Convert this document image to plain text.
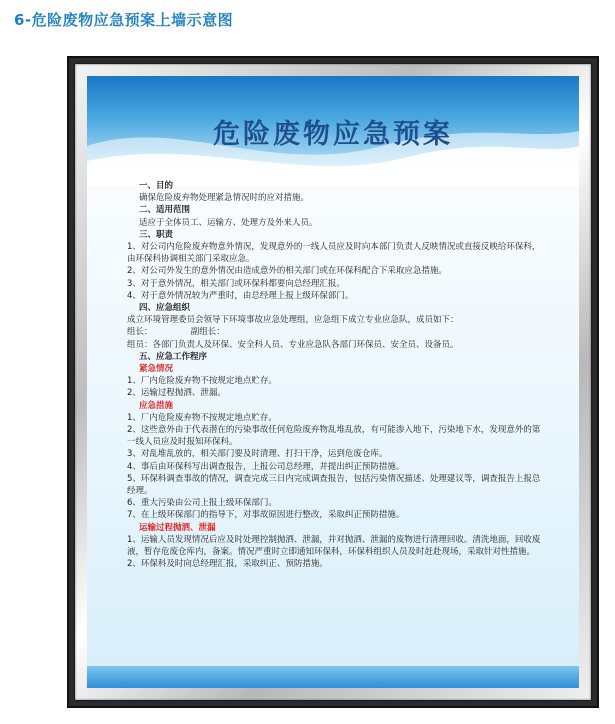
6-危险废物应急预案上墙示意图
危险废物应急预案
一、目的
确保危险废弃物处理紧急情况时的应对措施。
二、适用范围
适应于全体员工、运输方、处理方及外来人员。
三、职责
1、对公司内危险废弃物意外情况，发现意外的一线人员应及时向本部门负责人反映情况或直接反映给环保科，由环保科协调相关部门采取应急。
2、对公司外发生的意外情况由造成意外的相关部门或在环保科配合下采取应急措施。
3、对于意外情况，相关部门或环保科都要向总经理汇报。
4、对于意外情况较为严重时，由总经理上报上级环保部门。
四、应急组织
成立环境管理委员会领导下环境事故应急处理组，应急组下成立专业应急队，成员如下：
组长：　　　　　副组长：
组员：各部门负责人及环保、安全科人员、专业应急队各部门环保员、安全员、设备员。
五、应急工作程序
紧急情况
1、厂内危险废弃物不按规定地点贮存。
2、运输过程抛洒、泄漏。
应急措施
1、厂内危险废弃物不按规定地点贮存。
2、这些意外由于代表潜在的污染事故任何危险废弃物乱堆乱放，有可能渗入地下，污染地下水，发现意外的第一线人员应及时报知环保科。
3、对乱堆乱放的，相关部门要及时清理、打扫干净，运到危废仓库。
4、事后由环保科写出调查报告，上报公司总经理，并提出纠正预防措施。
5、环保科调查事故的情况，调查完成三日内完成调查报告，包括污染情况描述、处理建议等，调查报告上报总经理。
6、重大污染由公司上报上级环保部门。
7、在上级环保部门的指导下，对事故原因进行整改，采取纠正预防措施。
运输过程抛洒、泄漏
1、运输人员发现情况后应及时处理控制抛洒、泄漏，并对抛洒、泄漏的废物进行清理回收。清洗地面，回收废液，暂存危废仓库内，备案。情况严重时立即通知环保科，环保科组织人员及时赶赴现场，采取针对性措施。
2、环保科及时向总经理汇报，采取纠正、预防措施。
